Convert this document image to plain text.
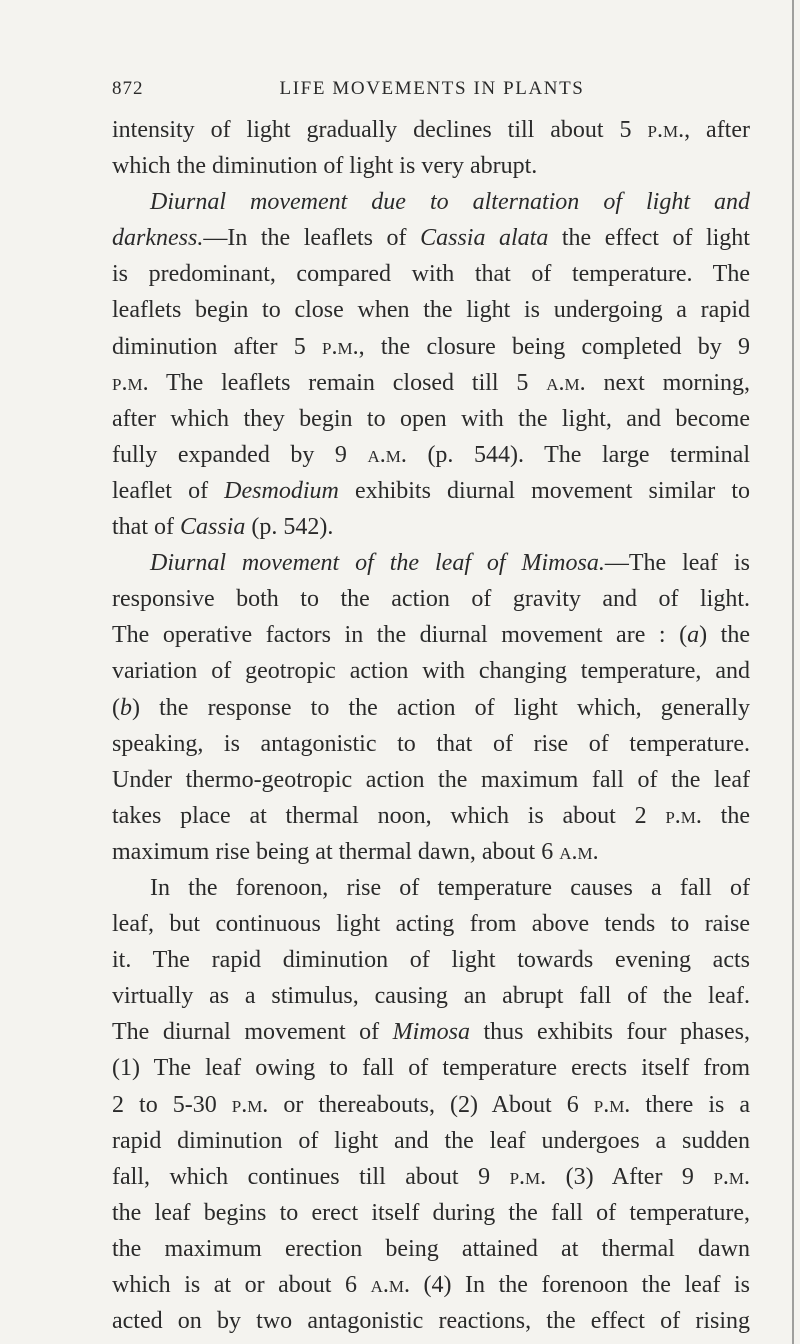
872	LIFE MOVEMENTS IN PLANTS
intensity of light gradually declines till about 5 p.m., after
which the diminution of light is very abrupt.
Diurnal movement due to alternation of light and
darkness.—In the leaflets of Cassia alata the effect of light
is predominant, compared with that of temperature. The
leaflets begin to close when the light is undergoing a rapid
diminution after 5 p.m., the closure being completed by 9
p.m. The leaflets remain closed till 5 a.m. next morning,
after which they begin to open with the light, and become
fully expanded by 9 a.m. (p. 544). The large terminal
leaflet of Desmodium exhibits diurnal movement similar to
that of Cassia (p. 542).
Diurnal movement of the leaf of Mimosa.—The leaf is
responsive both to the action of gravity and of light.
The operative factors in the diurnal movement are : (a) the
variation of geotropic action with changing temperature, and
(b) the response to the action of light which, generally
speaking, is antagonistic to that of rise of temperature.
Under thermo-geotropic action the maximum fall of the leaf
takes place at thermal noon, which is about 2 p.m. the
maximum rise being at thermal dawn, about 6 a.m.
In the forenoon, rise of temperature causes a fall of
leaf, but continuous light acting from above tends to raise
it. The rapid diminution of light towards evening acts
virtually as a stimulus, causing an abrupt fall of the leaf.
The diurnal movement of Mimosa thus exhibits four phases,
(1) The leaf owing to fall of temperature erects itself from
2 to 5-30 p.m. or thereabouts, (2) About 6 p.m. there is a
rapid diminution of light and the leaf undergoes a sudden
fall, which continues till about 9 p.m. (3) After 9 p.m.
the leaf begins to erect itself during the fall of temperature,
the maximum erection being attained at thermal dawn
which is at or about 6 a.m. (4) In the forenoon the leaf is
acted on by two antagonistic reactions, the effect of rising
